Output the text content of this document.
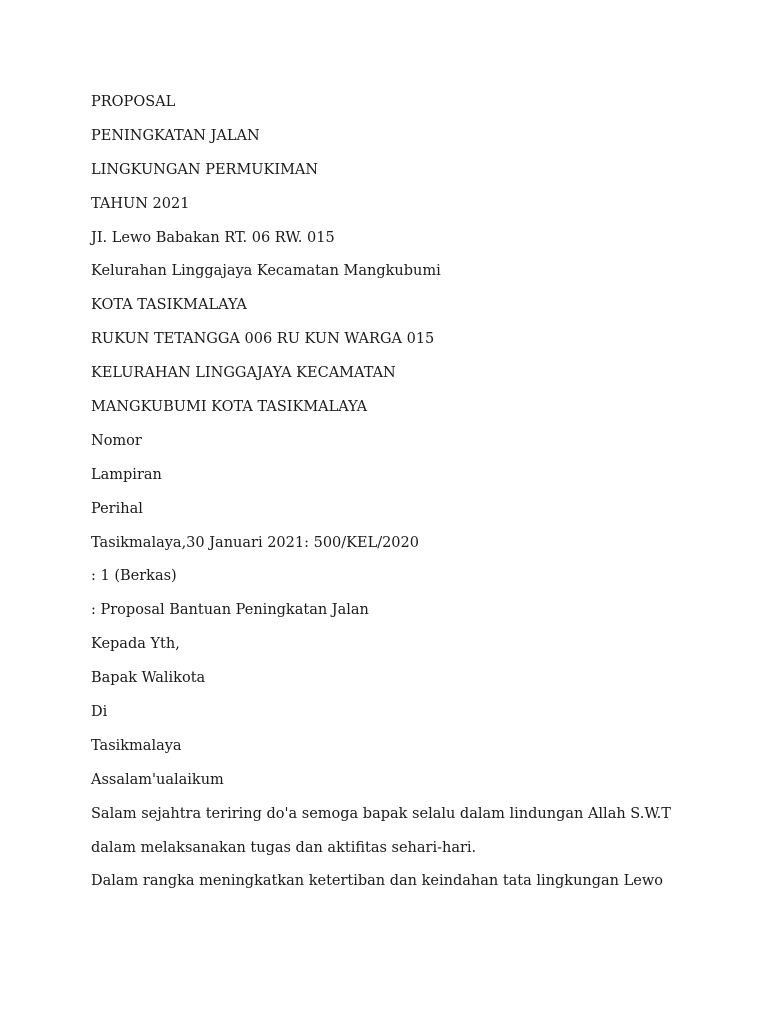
PROPOSAL
PENINGKATAN JALAN
LINGKUNGAN PERMUKIMAN
TAHUN 2021
JI. Lewo Babakan RT. 06 RW. 015
Kelurahan Linggajaya Kecamatan Mangkubumi
KOTA TASIKMALAYA
RUKUN TETANGGA 006 RU KUN WARGA 015
KELURAHAN LINGGAJAYA KECAMATAN
MANGKUBUMI KOTA TASIKMALAYA
Nomor
Lampiran
Perihal
Tasikmalaya,30 Januari 2021: 500/KEL/2020
: 1 (Berkas)
: Proposal Bantuan Peningkatan Jalan
Kepada Yth,
Bapak Walikota
Di
Tasikmalaya
Assalam'ualaikum
Salam sejahtra teriring do'a semoga bapak selalu dalam lindungan Allah S.W.T
dalam melaksanakan tugas dan aktifitas sehari-hari.
Dalam rangka meningkatkan ketertiban dan keindahan tata lingkungan Lewo
